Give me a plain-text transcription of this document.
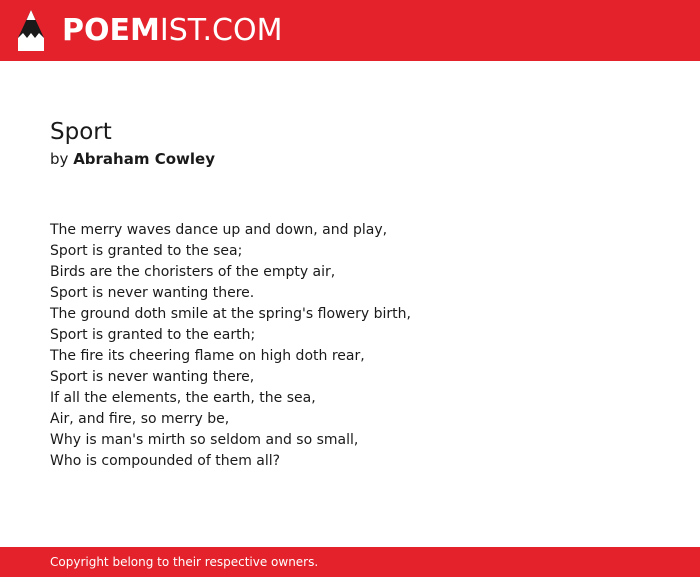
POEMIST.COM
Sport
by Abraham Cowley
The merry waves dance up and down, and play,
Sport is granted to the sea;
Birds are the choristers of the empty air,
Sport is never wanting there.
The ground doth smile at the spring's flowery birth,
Sport is granted to the earth;
The fire its cheering flame on high doth rear,
Sport is never wanting there,
If all the elements, the earth, the sea,
Air, and fire, so merry be,
Why is man's mirth so seldom and so small,
Who is compounded of them all?
Copyright belong to their respective owners.
